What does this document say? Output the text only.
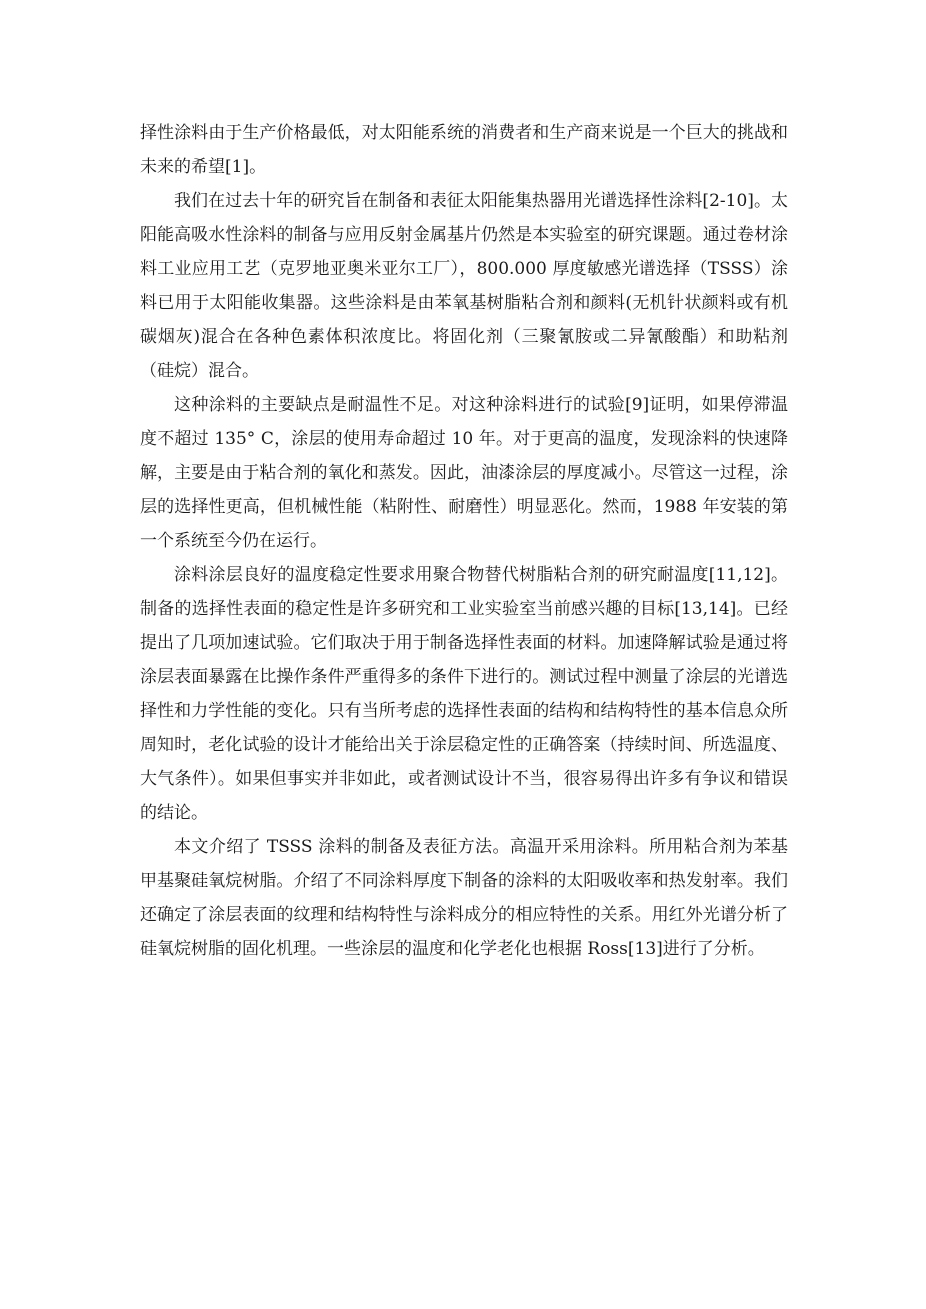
择性涂料由于生产价格最低，对太阳能系统的消费者和生产商来说是一个巨大的挑战和未来的希望[1]。

我们在过去十年的研究旨在制备和表征太阳能集热器用光谱选择性涂料[2-10]。太阳能高吸水性涂料的制备与应用反射金属基片仍然是本实验室的研究课题。通过卷材涂料工业应用工艺（克罗地亚奥米亚尔工厂），800.000 厚度敏感光谱选择（TSSS）涂料已用于太阳能收集器。这些涂料是由苯氧基树脂粘合剂和颜料(无机针状颜料或有机碳烟灰)混合在各种色素体积浓度比。将固化剂（三聚氰胺或二异氰酸酯）和助粘剂（硅烷）混合。

这种涂料的主要缺点是耐温性不足。对这种涂料进行的试验[9]证明，如果停滞温度不超过 135° C，涂层的使用寿命超过 10 年。对于更高的温度，发现涂料的快速降解，主要是由于粘合剂的氧化和蒸发。因此，油漆涂层的厚度减小。尽管这一过程，涂层的选择性更高，但机械性能（粘附性、耐磨性）明显恶化。然而，1988 年安装的第一个系统至今仍在运行。

涂料涂层良好的温度稳定性要求用聚合物替代树脂粘合剂的研究耐温度[11,12]。制备的选择性表面的稳定性是许多研究和工业实验室当前感兴趣的目标[13,14]。已经提出了几项加速试验。它们取决于用于制备选择性表面的材料。加速降解试验是通过将涂层表面暴露在比操作条件严重得多的条件下进行的。测试过程中测量了涂层的光谱选择性和力学性能的变化。只有当所考虑的选择性表面的结构和结构特性的基本信息众所周知时，老化试验的设计才能给出关于涂层稳定性的正确答案（持续时间、所选温度、大气条件）。如果但事实并非如此，或者测试设计不当，很容易得出许多有争议和错误的结论。

本文介绍了 TSSS 涂料的制备及表征方法。高温开采用涂料。所用粘合剂为苯基甲基聚硅氧烷树脂。介绍了不同涂料厚度下制备的涂料的太阳吸收率和热发射率。我们还确定了涂层表面的纹理和结构特性与涂料成分的相应特性的关系。用红外光谱分析了硅氧烷树脂的固化机理。一些涂层的温度和化学老化也根据 Ross[13]进行了分析。
